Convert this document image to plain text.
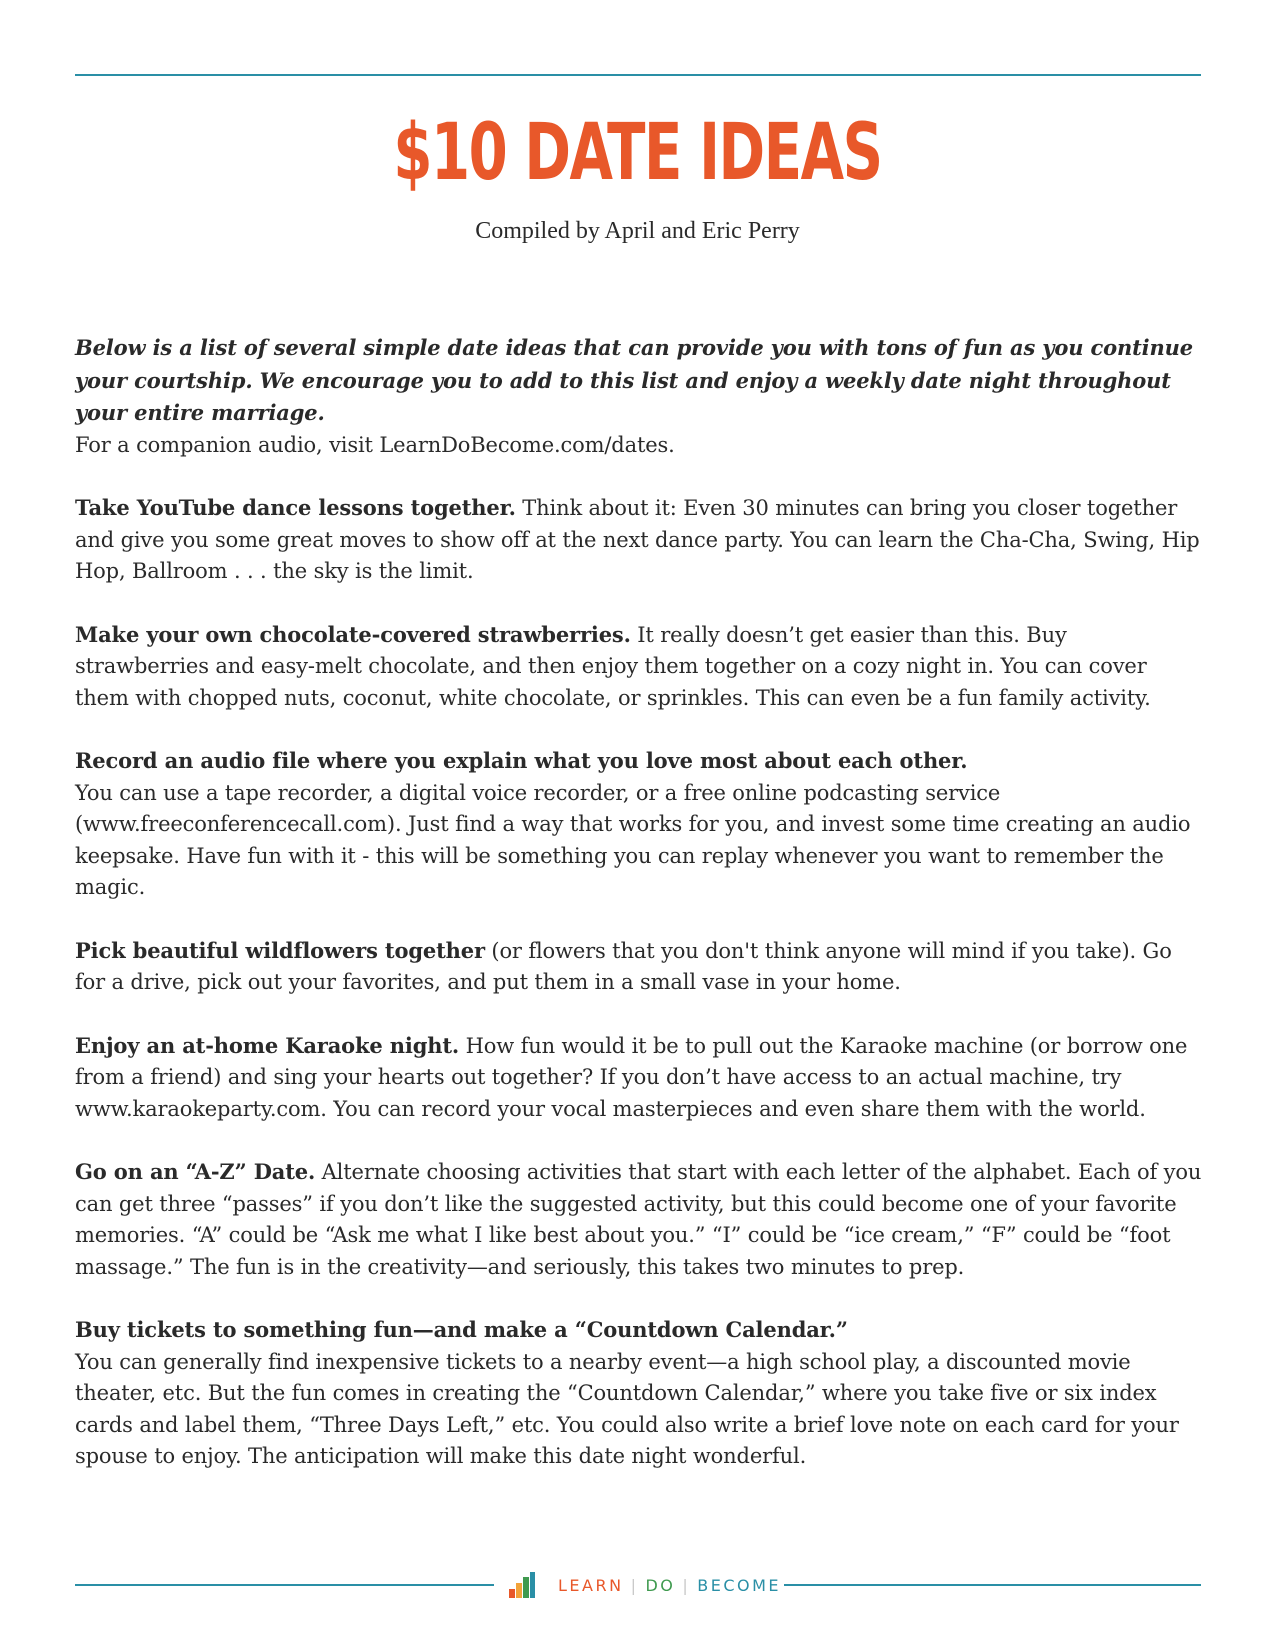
$10 DATE IDEAS
Compiled by April and Eric Perry

Below is a list of several simple date ideas that can provide you with tons of fun as you continue your courtship. We encourage you to add to this list and enjoy a weekly date night throughout your entire marriage.
For a companion audio, visit LearnDoBecome.com/dates.

Take YouTube dance lessons together. Think about it: Even 30 minutes can bring you closer together and give you some great moves to show off at the next dance party. You can learn the Cha-Cha, Swing, Hip Hop, Ballroom . . . the sky is the limit.

Make your own chocolate-covered strawberries. It really doesn’t get easier than this. Buy strawberries and easy-melt chocolate, and then enjoy them together on a cozy night in. You can cover them with chopped nuts, coconut, white chocolate, or sprinkles. This can even be a fun family activity.

Record an audio file where you explain what you love most about each other.
You can use a tape recorder, a digital voice recorder, or a free online podcasting service (www.freeconferencecall.com). Just find a way that works for you, and invest some time creating an audio keepsake. Have fun with it - this will be something you can replay whenever you want to remember the magic.

Pick beautiful wildflowers together (or flowers that you don't think anyone will mind if you take). Go for a drive, pick out your favorites, and put them in a small vase in your home.

Enjoy an at-home Karaoke night. How fun would it be to pull out the Karaoke machine (or borrow one from a friend) and sing your hearts out together? If you don’t have access to an actual machine, try www.karaokeparty.com. You can record your vocal masterpieces and even share them with the world.

Go on an “A-Z” Date. Alternate choosing activities that start with each letter of the alphabet. Each of you can get three “passes” if you don’t like the suggested activity, but this could become one of your favorite memories. “A” could be “Ask me what I like best about you.” “I” could be “ice cream,” “F” could be “foot massage.” The fun is in the creativity—and seriously, this takes two minutes to prep.

Buy tickets to something fun—and make a “Countdown Calendar.”
You can generally find inexpensive tickets to a nearby event—a high school play, a discounted movie theater, etc. But the fun comes in creating the “Countdown Calendar,” where you take five or six index cards and label them, “Three Days Left,” etc. You could also write a brief love note on each card for your spouse to enjoy. The anticipation will make this date night wonderful.

LEARN | DO | BECOME
